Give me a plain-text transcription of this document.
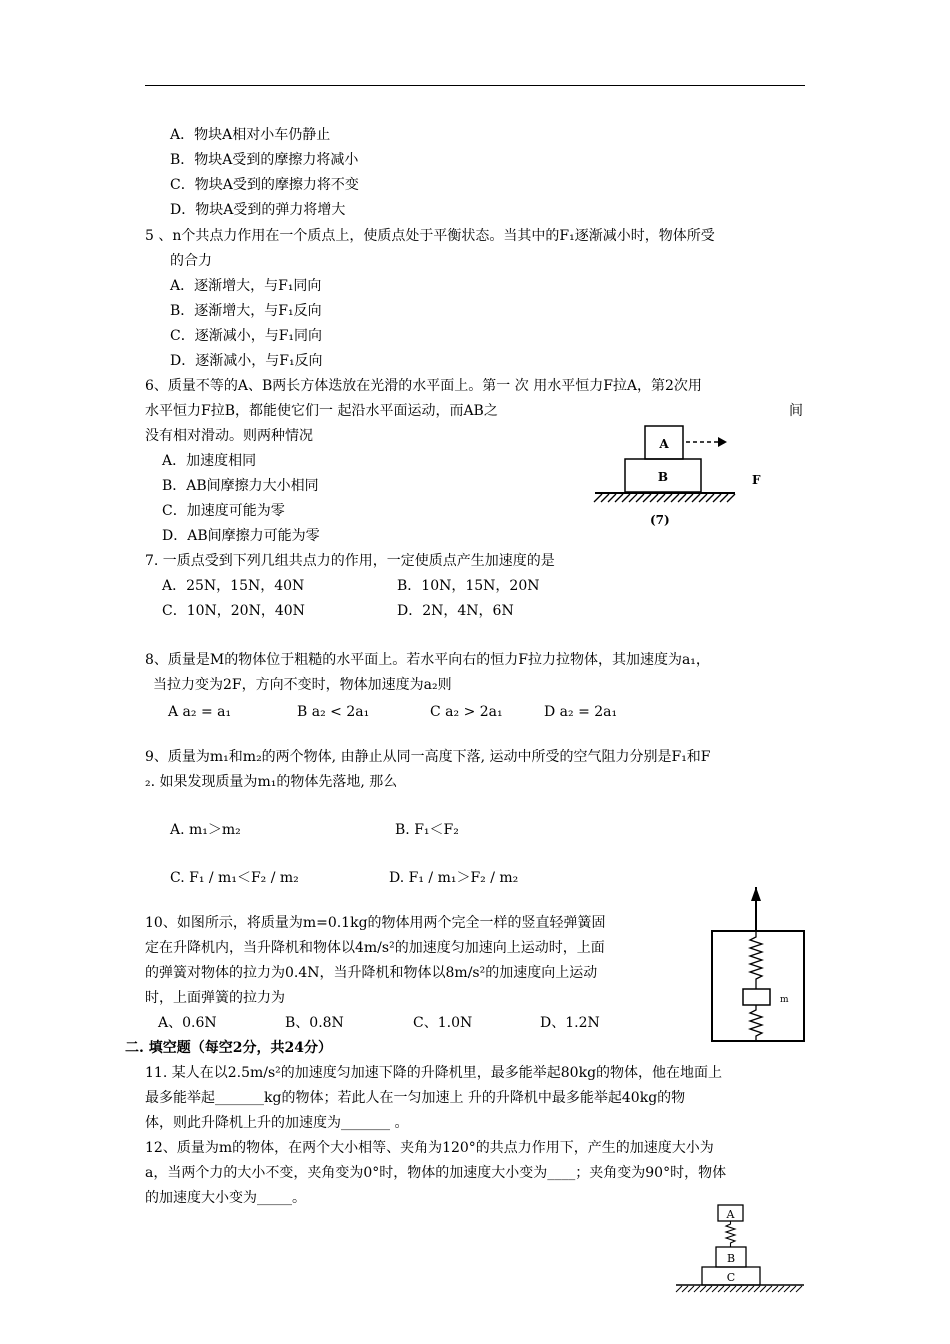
A．物块A相对小车仍静止
B．物块A受到的摩擦力将减小
C．物块A受到的摩擦力将不变
D．物块A受到的弹力将增大
5 、n个共点力作用在一个质点上，使质点处于平衡状态。当其中的F₁逐渐减小时，物体所受
的合力
A．逐渐增大，与F₁同向
B．逐渐增大，与F₁反向
C．逐渐减小，与F₁同向
D．逐渐减小，与F₁反向
6、质量不等的A、B两长方体迭放在光滑的水平面上。第一 次 用水平恒力F拉A，第2次用
水平恒力F拉B，都能使它们一 起沿水平面运动，而AB之	间
没有相对滑动。则两种情况
A．加速度相同
B．AB间摩擦力大小相同
C．加速度可能为零
D．AB间摩擦力可能为零
A
B	F
(7)
7. 一质点受到下列几组共点力的作用，一定使质点产生加速度的是
A．25N，15N，40N	B．10N，15N，20N
C．10N，20N，40N	D．2N，4N，6N
8、质量是M的物体位于粗糙的水平面上。若水平向右的恒力F拉力拉物体，其加速度为a₁，
当拉力变为2F，方向不变时，物体加速度为a₂则
A a₂ = a₁	B a₂ < 2a₁	C a₂ > 2a₁	D a₂ = 2a₁
9、质量为m₁和m₂的两个物体, 由静止从同一高度下落, 运动中所受的空气阻力分别是F₁和F
₂. 如果发现质量为m₁的物体先落地, 那么
A. m₁＞m₂	B. F₁＜F₂
C. F₁ / m₁＜F₂ / m₂	D. F₁ / m₁＞F₂ / m₂
10、如图所示，将质量为m=0.1kg的物体用两个完全一样的竖直轻弹簧固
定在升降机内，当升降机和物体以4m/s²的加速度匀加速向上运动时，上面
的弹簧对物体的拉力为0.4N，当升降机和物体以8m/s²的加速度向上运动
时，上面弹簧的拉力为
A、0.6N	B、0.8N	C、1.0N	D、1.2N
m
二. 填空题（每空2分，共24分）
11. 某人在以2.5m/s²的加速度匀加速下降的升降机里，最多能举起80kg的物体，他在地面上
最多能举起_______kg的物体；若此人在一匀加速上 升的升降机中最多能举起40kg的物
体，则此升降机上升的加速度为_______ 。
12、质量为m的物体，在两个大小相等、夹角为120°的共点力作用下，产生的加速度大小为
a，当两个力的大小不变，夹角变为0°时，物体的加速度大小变为____；夹角变为90°时，物体
的加速度大小变为_____。
A
B
C
